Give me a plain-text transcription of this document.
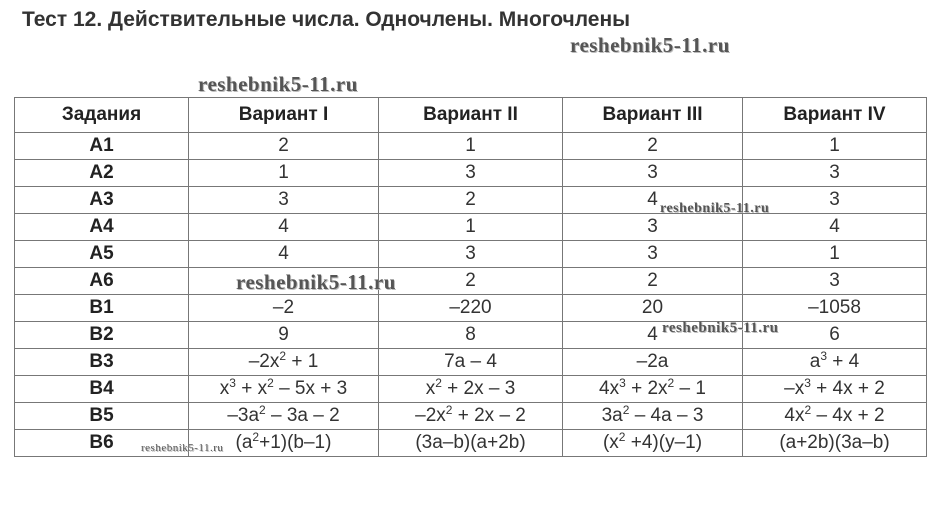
Тест 12. Действительные числа. Одночлены. Многочлены
reshebnik5-11.ru
reshebnik5-11.ru
Задания	Вариант I	Вариант II	Вариант III	Вариант IV
A1	2	1	2	1
A2	1	3	3	3
A3	3	2	4	3
A4	4	1	3	4
A5	4	3	3	1
A6		2	2	3
B1	–2	–220	20	–1058
B2	9	8	4	6
B3	$-2x^2 + 1$	7a – 4	–2a	$a^3 + 4$
B4	$x^3 + x^2 - 5x + 3$	$x^2 + 2x - 3$	$4x^3 + 2x^2 - 1$	$-x^3 + 4x + 2$
B5	$-3a^2 - 3a - 2$	$-2x^2 + 2x - 2$	$3a^2 - 4a - 3$	$4x^2 - 4x + 2$
B6	$(a^2+1)(b-1)$	(3a–b)(a+2b)	$(x^2 +4)(y-1)$	(a+2b)(3a–b)
reshebnik5-11.ru
reshebnik5-11.ru
reshebnik5-11.ru
reshebnik5-11.ru
